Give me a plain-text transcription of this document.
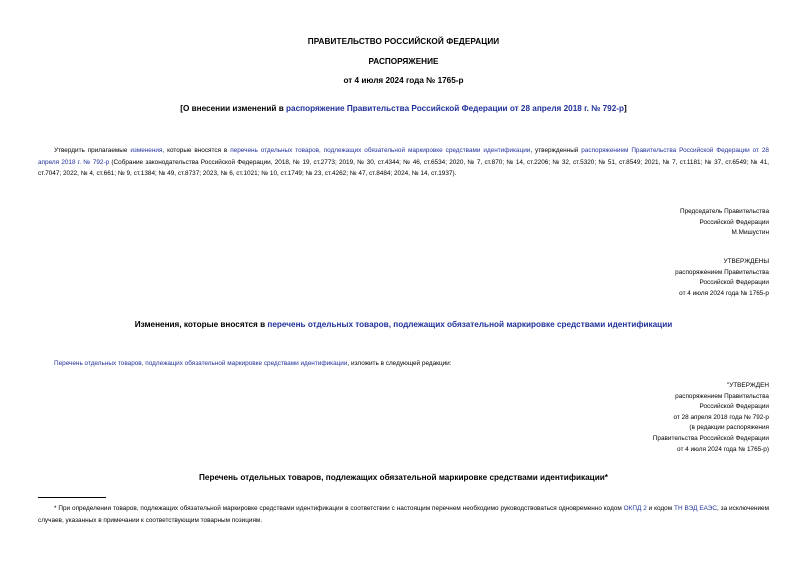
ПРАВИТЕЛЬСТВО РОССИЙСКОЙ ФЕДЕРАЦИИ
РАСПОРЯЖЕНИЕ
от 4 июля 2024 года № 1765-р
[О внесении изменений в распоряжение Правительства Российской Федерации от 28 апреля 2018 г. № 792-р]
Утвердить прилагаемые изменения, которые вносятся в перечень отдельных товаров, подлежащих обязательной маркировке средствами идентификации, утвержденный распоряжением Правительства Российской Федерации от 28 апреля 2018 г. № 792-р (Собрание законодательства Российской Федерации, 2018, № 19, ст.2773; 2019, № 30, ст.4344; № 46, ст.6534; 2020, № 7, ст.870; № 14, ст.2206; № 32, ст.5320; № 51, ст.8549; 2021, № 7, ст.1181; № 37, ст.6549; № 41, ст.7047; 2022, № 4, ст.661; № 9, ст.1384; № 49, ст.8737; 2023, № 6, ст.1021; № 10, ст.1749; № 23, ст.4262; № 47, ст.8484; 2024, № 14, ст.1937).
Председатель Правительства
Российской Федерации
М.Мишустин
УТВЕРЖДЕНЫ
распоряжением Правительства
Российской Федерации
от 4 июля 2024 года № 1765-р
Изменения, которые вносятся в перечень отдельных товаров, подлежащих обязательной маркировке средствами идентификации
Перечень отдельных товаров, подлежащих обязательной маркировке средствами идентификации, изложить в следующей редакции:
"УТВЕРЖДЕН
распоряжением Правительства
Российской Федерации
от 28 апреля 2018 года № 792-р
(в редакции распоряжения
Правительства Российской Федерации
от 4 июля 2024 года № 1765-р)
Перечень отдельных товаров, подлежащих обязательной маркировке средствами идентификации*
* При определении товаров, подлежащих обязательной маркировке средствами идентификации в соответствии с настоящим перечнем необходимо руководствоваться одновременно кодом ОКПД 2 и кодом ТН ВЭД ЕАЭС, за исключением случаев, указанных в примечании к соответствующим товарным позициям.
